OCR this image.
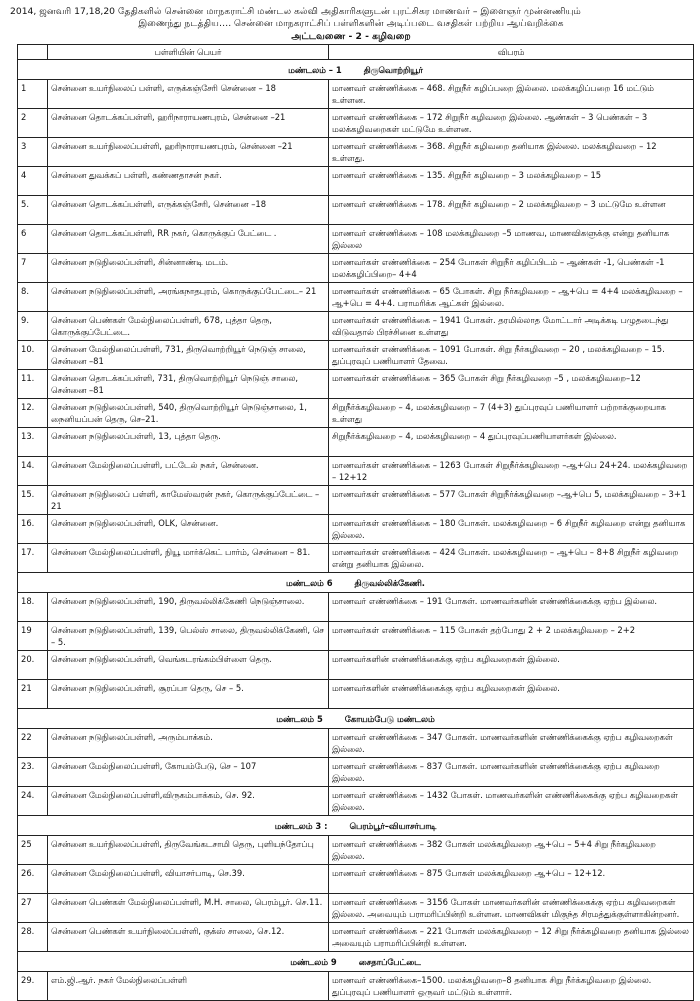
2014, ஜனவரி 17,18,20 தேதிகளில் சென்னை மாநகராட்சி மண்டல கல்வி அதிகாரிகளுடன் புரட்சிகர மாணவர் – இளைஞர் முன்னணியும்
இணைந்து நடத்திய…. சென்னை மாநகராட்சிப் பள்ளிகளின் அடிப்படை வசதிகள் பற்றிய ஆய்வறிக்கை
அட்டவணை - 2 - கழிவறை
	பள்ளியின் பெயர்	விபரம்
மண்டலம் – 1 திருவொற்றியூர்		
1	சென்னை உயர்நிலைப் பள்ளி, எருக்கஞ்சேரி சென்னை – 18	மாணவர் எண்ணிக்கை – 468. சிறுநீர் கழிப்பறை இல்லை. மலக்கழிப்பறை 16 மட்டும் உள்ளன.
2	சென்னை தொடக்கப்பள்ளி, ஹரிநாராயணபுரம், சென்னை –21	மாணவர் எண்ணிக்கை – 172 சிறுநீர் கழிவறை இல்லை. ஆண்கள் – 3 பெண்கள் – 3 மலக்கழிவறைகள் மட்டுமே உள்ளன.
3	சென்னை உயர்நிலைப்பள்ளி, ஹரிநாராயணபுரம், சென்னை –21	மாணவர் எண்ணிக்கை – 368. சிறுநீர் கழிவறை தனியாக இல்லை. மலக்கழிவறை – 12 உள்ளது.
4	சென்னை துவக்கப் பள்ளி, கண்ணதாசன் நகர்.	மாணவர் எண்ணிக்கை – 135. சிறுநீர் கழிவறை – 3 மலக்கழிவறை – 15
5.	சென்னை தொடக்கப்பள்ளி, எருக்கஞ்சேரி, சென்னை –18	மாணவர் எண்ணிக்கை – 178. சிறுநீர் கழிவறை – 2 மலக்கழிவறை – 3 மட்டுமே உள்ளன
6	சென்னை தொடக்கப்பள்ளி, RR நகர், கொருக்குப் பேட்டை .	மாணவர் எண்ணிக்கை – 108 மலக்கழிவறை –5 மாணவ, மாணவிகளுக்கு என்று தனியாக இல்லை
7	சென்னை நடுநிலைப்பள்ளி, சின்னாண்டி மடம்.	மாணவர்கள் எண்ணிக்கை – 254 போகள் சிறுநீர் கழிப்பிடம் – ஆண்கள் -1, பெண்கள் -1 மலக்கழிப்பிறை– 4+4
8.	சென்னை நடுநிலைப்பள்ளி, அரங்கநாதபுரம், கொருக்குப்பேட்டை– 21	மாணவர்கள் எண்ணிக்கை – 65 போகள். சிறு நீர்கழிவறை – ஆ+பெ = 4+4 மலக்கழிவறை – ஆ+பெ = 4+4. பராமரிக்க ஆட்கள் இல்லை.
9.	சென்னை பெண்கள் மேல்நிலைப்பள்ளி, 678, புத்தா தெரு, கொருக்குப்பேட்டை.	மாணவர்கள் எண்ணிக்கை – 1941 போகள். தரமில்லாத மோட்டார் அடிக்கடி பழுதடைந்து விடுவதால் பிரச்சினை உள்ளது
10.	சென்னை மேல்நிலைப்பள்ளி, 731, திருவொற்றியூர் நெடுஞ் சாலை, சென்னை –81	மாணவர்கள் எண்ணிக்கை – 1091 போகள். சிறு நீர்கழிவறை – 20 , மலக்கழிவறை – 15. துப்புரவுப் பணியாளர் தேவை.
11.	சென்னை தொடக்கப்பள்ளி, 731, திருவொற்றியூர் நெடுஞ் சாலை, சென்னை –81	மாணவர்கள் எண்ணிக்கை – 365 போகள் சிறு நீர்கழிவறை –5 , மலக்கழிவறை–12
12.	சென்னை நடுநிலைப்பள்ளி, 540, திருவொற்றியூர் நெடுஞ்சாலை, 1, நைனியப்பன் தெரு, செ–21.	சிறுநீர்க்கழிவறை – 4, மலக்கழிவறை – 7 (4+3) துப்புரவுப் பணியாளர் பற்றாக்குறையாக உள்ளது
13.	சென்னை நடுநிலைப்பள்ளி, 13, புத்தா தெரு.	சிறுநீர்க்கழிவறை – 4, மலக்கழிவறை – 4 துப்புரவுப்பணியாளர்கள் இல்லை.
14.	சென்னை மேல்நிலைப்பள்ளி, பட்டேல் நகர், சென்னை.	மாணவர்கள் எண்ணிக்கை – 1263 போகள் சிறுநீர்க்கழிவறை –ஆ+பெ 24+24. மலக்கழிவறை – 12+12
15.	சென்னை நடுநிலைப் பள்ளி, காமேஸ்வரன் நகர், கொருக்குப்பேட்டை – 21	மாணவர்கள் எண்ணிக்கை – 577 போகள் சிறுநீர்க்கழிவறை –ஆ+பெ 5, மலக்கழிவறை – 3+1
16.	சென்னை நடுநிலைப்பள்ளி, OLK, சென்னை.	மாணவர்கள் எண்ணிக்கை – 180 போகள். மலக்கழிவறை – 6 சிறுநீர் கழிவறை என்று தனியாக இல்லை.
17.	சென்னை மேல்நிலைப்பள்ளி, நியூ மார்க்கெட் பார்ம், சென்னை – 81.	மாணவர்கள் எண்ணிக்கை – 424 போகள். மலக்கழிவறை – ஆ+பெ – 8+8 சிறுநீர் கழிவறை என்று தனியாக இல்லை.
மண்டலம் 6 திருவல்லிக்கேணி.		
18.	சென்னை நடுநிலைப்பள்ளி, 190, திருவல்லிக்கேணி நெடுஞ்சாலை.	மாணவர் எண்ணிக்கை – 191 போகள். மாணவர்களின் எண்ணிக்கைக்கு ஏற்ப இல்லை.
19	சென்னை நடுநிலைப்பள்ளி, 139, பெல்ஸ் சாலை, திருவல்லிக்கேணி, செ – 5.	மாணவர்கள் எண்ணிக்கை – 115 போகள் தற்போது 2 + 2 மலக்கழிவறை – 2+2
20.	சென்னை நடுநிலைப்பள்ளி, வெங்கடரங்கம்பிள்ளை தெரு.	மாணவர்களின் எண்ணிக்கைக்கு ஏற்ப கழிவறைகள் இல்லை.
21	சென்னை நடுநிலைப்பள்ளி, சூரப்பா தெரு, செ – 5.	மாணவர்களின் எண்ணிக்கைக்கு ஏற்ப கழிவறைகள் இல்லை.
மண்டலம் 5 கோயம்பேடு மண்டலம்		
22	சென்னை நடுநிலைப்பள்ளி, அரும்பாக்கம்.	மாணவர் எண்ணிக்கை – 347 போகள். மாணவர்களின் எண்ணிக்கைக்கு ஏற்ப கழிவறைகள் இல்லை.
23.	சென்னை மேல்நிலைப்பள்ளி, கோயம்பேடு, செ – 107	மாணவர் எண்ணிக்கை – 837 போகள். மாணவர்களின் எண்ணிக்கைக்கு ஏற்ப கழிவறை இல்லை.
24.	சென்னை மேல்நிலைப்பள்ளி,விருகம்பாக்கம், செ. 92.	மாணவர் எண்ணிக்கை – 1432 போகள். மாணவர்களின் எண்ணிக்கைக்கு ஏற்ப கழிவறைகள் இல்லை.
மண்டலம் 3 : பெரம்பூர்–வியாசர்பாடி		
25	சென்னை உயர்நிலைப்பள்ளி, திருவேங்கடசாமி தெரு, புளியந்தோப்பு	மாணவர் எண்ணிக்கை – 382 போகள் மலக்கழிவறை ஆ+பெ – 5+4 சிறு நீர்கழிவறை இல்லை.
26.	சென்னை மேல்நிலைப்பள்ளி, வியாசர்பாடி, செ.39.	மாணவர் எண்ணிக்கை – 875 போகள் மலக்கழிவறை ஆ+பெ – 12+12.
27	சென்னை பெண்கள் மேல்நிலைப்பள்ளி, M.H. சாலை, பெரம்பூர். செ.11.	மாணவர் எண்ணிக்கை – 3156 போகள் மாணவர்களின் எண்ணிக்கைக்கு ஏற்ப கழிவறைகள் இல்லை. அவையும் பராமரிப்பின்றி உள்ளன. மாணவிகள் மிகுந்த சிரமத்துக்குள்ளாகின்றனர்.
28.	சென்னை பெண்கள் உயர்நிலைப்பள்ளி, குக்ஸ் சாலை, செ.12.	மாணவர் எண்ணிக்கை – 221 போகள் மலக்கழிவறை – 12 சிறு நீர்க்கழிவறை தனியாக இல்லை அவையும் பராமரிப்பின்றி உள்ளன.
மண்டலம் 9 சைதாப்பேட்டை		
29.	எம்.ஜி.ஆர். நகர் மேல்நிலைப்பள்ளி	மாணவர் எண்ணிக்கை–1500. மலக்கழிவறை–8 தனியாக சிறு நீர்க்கழிவறை இல்லை. துப்புரவுப் பணியாளர் ஒருவர் மட்டும் உள்ளார்.
